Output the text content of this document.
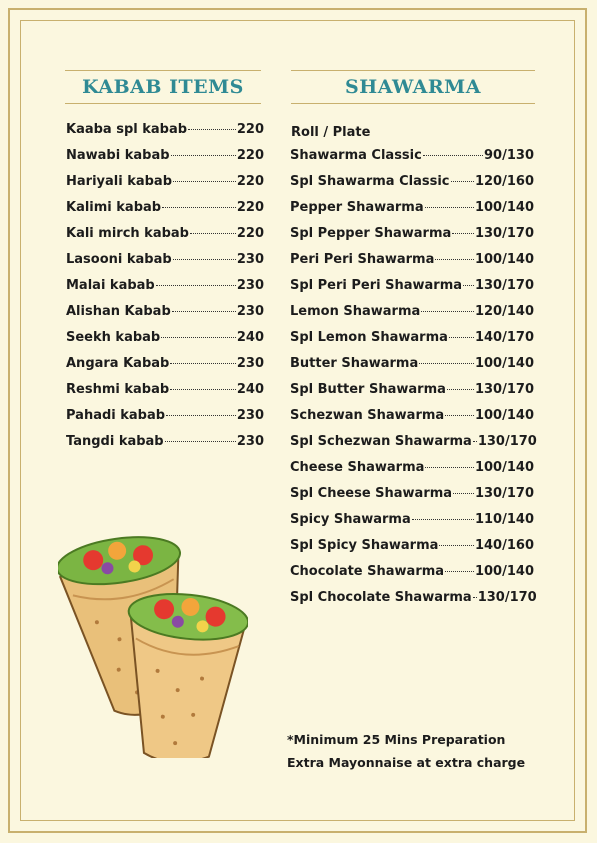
KABAB ITEMS	SHAWARMA
Kaaba spl kabab	220
Nawabi kabab	220
Hariyali kabab	220
Kalimi kabab	220
Kali mirch kabab	220
Lasooni kabab	230
Malai kabab	230
Alishan Kabab	230
Seekh kabab	240
Angara Kabab	230
Reshmi kabab	240
Pahadi kabab	230
Tangdi kabab	230
Roll / Plate
Shawarma Classic	90/130
Spl Shawarma Classic 120/160
Pepper Shawarma	100/140
Spl Pepper Shawarma 130/170
Peri Peri Shawarma	100/140
Spl Peri Peri Shawarma 130/170
Lemon Shawarma	120/140
Spl Lemon Shawarma 140/170
Butter Shawarma	100/140
Spl Butter Shawarma 130/170
Schezwan Shawarma 100/140
Spl Schezwan Shawarma 130/170
Cheese Shawarma	100/140
Spl Cheese Shawarma 130/170
Spicy Shawarma	110/140
Spl Spicy Shawarma	140/160
Chocolate Shawarma 100/140
Spl Chocolate Shawarma 130/170
*Minimum 25 Mins Preparation
Extra Mayonnaise at extra charge
